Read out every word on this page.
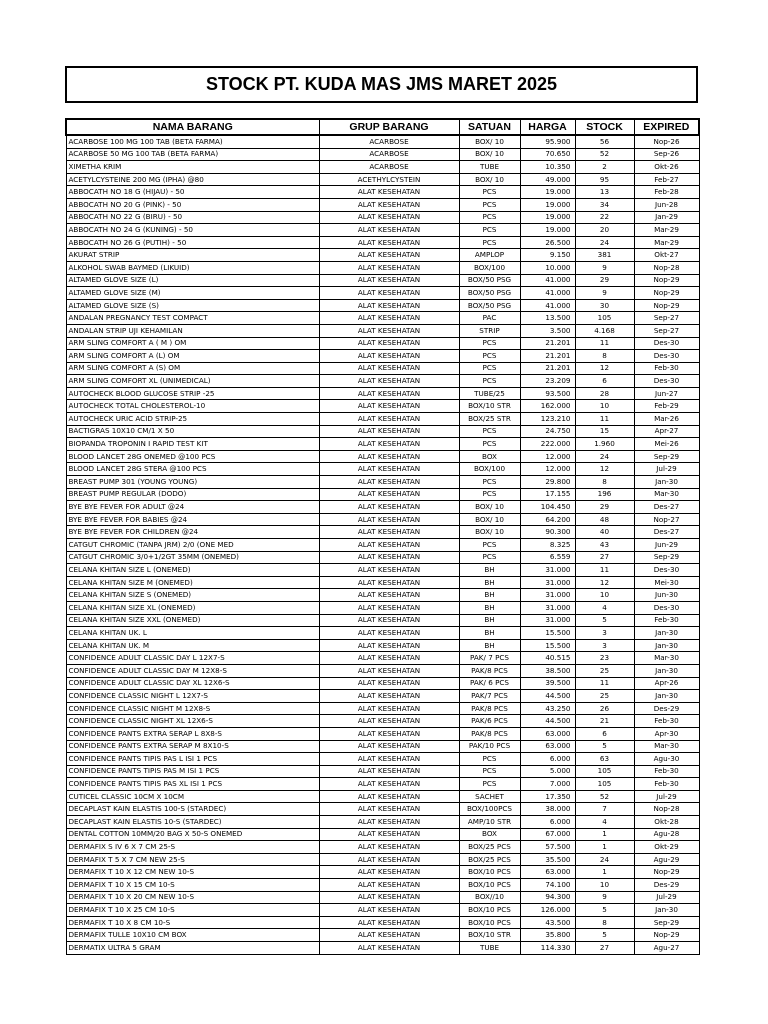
STOCK PT. KUDA MAS JMS MARET 2025
NAMA BARANG	GRUP BARANG	SATUAN	HARGA	STOCK	EXPIRED
ACARBOSE 100 MG 100 TAB (BETA FARMA)	ACARBOSE	BOX/ 10	95.900	56	Nop-26
ACARBOSE 50 MG 100 TAB (BETA FARMA)	ACARBOSE	BOX/ 10	70.650	52	Sep-26
XIMETHA KRIM	ACARBOSE	TUBE	10.350	2	Okt-26
ACETYLCYSTEINE 200 MG (IPHA) @80	ACETHYLCYSTEIN	BOX/ 10	49.000	95	Feb-27
ABBOCATH NO 18 G (HIJAU) - 50	ALAT KESEHATAN	PCS	19.000	13	Feb-28
ABBOCATH NO 20 G (PINK) - 50	ALAT KESEHATAN	PCS	19.000	34	Jun-28
ABBOCATH NO 22 G (BIRU) - 50	ALAT KESEHATAN	PCS	19.000	22	Jan-29
ABBOCATH NO 24 G (KUNING) - 50	ALAT KESEHATAN	PCS	19.000	20	Mar-29
ABBOCATH NO 26 G (PUTIH) - 50	ALAT KESEHATAN	PCS	26.500	24	Mar-29
AKURAT STRIP	ALAT KESEHATAN	AMPLOP	9.150	381	Okt-27
ALKOHOL SWAB BAYMED (LIKUID)	ALAT KESEHATAN	BOX/100	10.000	9	Nop-28
ALTAMED GLOVE SIZE (L)	ALAT KESEHATAN	BOX/50 PSG	41.000	29	Nop-29
ALTAMED GLOVE SIZE (M)	ALAT KESEHATAN	BOX/50 PSG	41.000	9	Nop-29
ALTAMED GLOVE SIZE (S)	ALAT KESEHATAN	BOX/50 PSG	41.000	30	Nop-29
ANDALAN PREGNANCY TEST COMPACT	ALAT KESEHATAN	PAC	13.500	105	Sep-27
ANDALAN STRIP UJI KEHAMILAN	ALAT KESEHATAN	STRIP	3.500	4.168	Sep-27
ARM SLING COMFORT A ( M ) OM	ALAT KESEHATAN	PCS	21.201	11	Des-30
ARM SLING COMFORT A (L) OM	ALAT KESEHATAN	PCS	21.201	8	Des-30
ARM SLING COMFORT A (S) OM	ALAT KESEHATAN	PCS	21.201	12	Feb-30
ARM SLING COMFORT XL (UNIMEDICAL)	ALAT KESEHATAN	PCS	23.209	6	Des-30
AUTOCHECK BLOOD GLUCOSE STRIP -25	ALAT KESEHATAN	TUBE/25	93.500	28	Jun-27
AUTOCHECK TOTAL CHOLESTEROL-10	ALAT KESEHATAN	BOX/10 STR	162.000	10	Feb-29
AUTOCHECK URIC ACID STRIP-25	ALAT KESEHATAN	BOX/25 STR	123.210	11	Mar-26
BACTIGRAS 10X10 CM/1 X 50	ALAT KESEHATAN	PCS	24.750	15	Apr-27
BIOPANDA TROPONIN I RAPID TEST KIT	ALAT KESEHATAN	PCS	222.000	1.960	Mei-26
BLOOD LANCET 28G ONEMED @100 PCS	ALAT KESEHATAN	BOX	12.000	24	Sep-29
BLOOD LANCET 28G STERA @100 PCS	ALAT KESEHATAN	BOX/100	12.000	12	Jul-29
BREAST PUMP 301 (YOUNG YOUNG)	ALAT KESEHATAN	PCS	29.800	8	Jan-30
BREAST PUMP REGULAR (DODO)	ALAT KESEHATAN	PCS	17.155	196	Mar-30
BYE BYE FEVER FOR ADULT @24	ALAT KESEHATAN	BOX/ 10	104.450	29	Des-27
BYE BYE FEVER FOR BABIES @24	ALAT KESEHATAN	BOX/ 10	64.200	48	Nop-27
BYE BYE FEVER FOR CHILDREN @24	ALAT KESEHATAN	BOX/ 10	90.300	40	Des-27
CATGUT CHROMIC (TANPA JRM) 2/0 (ONE MED	ALAT KESEHATAN	PCS	8.325	43	Jun-29
CATGUT CHROMIC 3/0+1/2GT 35MM (ONEMED)	ALAT KESEHATAN	PCS	6.559	27	Sep-29
CELANA KHITAN SIZE L (ONEMED)	ALAT KESEHATAN	BH	31.000	11	Des-30
CELANA KHITAN SIZE M (ONEMED)	ALAT KESEHATAN	BH	31.000	12	Mei-30
CELANA KHITAN SIZE S (ONEMED)	ALAT KESEHATAN	BH	31.000	10	Jun-30
CELANA KHITAN SIZE XL (ONEMED)	ALAT KESEHATAN	BH	31.000	4	Des-30
CELANA KHITAN SIZE XXL (ONEMED)	ALAT KESEHATAN	BH	31.000	5	Feb-30
CELANA KHITAN UK. L	ALAT KESEHATAN	BH	15.500	3	Jan-30
CELANA KHITAN UK. M	ALAT KESEHATAN	BH	15.500	3	Jan-30
CONFIDENCE ADULT CLASSIC DAY L 12X7-S	ALAT KESEHATAN	PAK/ 7 PCS	40.515	23	Mar-30
CONFIDENCE ADULT CLASSIC DAY M 12X8-S	ALAT KESEHATAN	PAK/8 PCS	38.500	25	Jan-30
CONFIDENCE ADULT CLASSIC DAY XL 12X6-S	ALAT KESEHATAN	PAK/ 6 PCS	39.500	11	Apr-26
CONFIDENCE CLASSIC NIGHT L 12X7-S	ALAT KESEHATAN	PAK/7 PCS	44.500	25	Jan-30
CONFIDENCE CLASSIC NIGHT M 12X8-S	ALAT KESEHATAN	PAK/8 PCS	43.250	26	Des-29
CONFIDENCE CLASSIC NIGHT XL 12X6-S	ALAT KESEHATAN	PAK/6 PCS	44.500	21	Feb-30
CONFIDENCE PANTS EXTRA SERAP L 8X8-S	ALAT KESEHATAN	PAK/8 PCS	63.000	6	Apr-30
CONFIDENCE PANTS EXTRA SERAP M 8X10-S	ALAT KESEHATAN	PAK/10 PCS	63.000	5	Mar-30
CONFIDENCE PANTS TIPIS PAS L ISI 1 PCS	ALAT KESEHATAN	PCS	6.000	63	Agu-30
CONFIDENCE PANTS TIPIS PAS M ISI 1 PCS	ALAT KESEHATAN	PCS	5.000	105	Feb-30
CONFIDENCE PANTS TIPIS PAS XL ISI 1 PCS	ALAT KESEHATAN	PCS	7.000	105	Feb-30
CUTICEL CLASSIC 10CM X 10CM	ALAT KESEHATAN	SACHET	17.350	52	Jul-29
DECAPLAST KAIN ELASTIS 100-S (STARDEC)	ALAT KESEHATAN	BOX/100PCS	38.000	7	Nop-28
DECAPLAST KAIN ELASTIS 10-S (STARDEC)	ALAT KESEHATAN	AMP/10 STR	6.000	4	Okt-28
DENTAL COTTON 10MM/20 BAG X 50-S ONEMED	ALAT KESEHATAN	BOX	67.000	1	Agu-28
DERMAFIX S IV 6 X 7 CM 25-S	ALAT KESEHATAN	BOX/25 PCS	57.500	1	Okt-29
DERMAFIX T 5 X 7 CM NEW 25-S	ALAT KESEHATAN	BOX/25 PCS	35.500	24	Agu-29
DERMAFIX T 10 X 12 CM NEW 10-S	ALAT KESEHATAN	BOX/10 PCS	63.000	1	Nop-29
DERMAFIX T 10 X 15 CM 10-S	ALAT KESEHATAN	BOX/10 PCS	74.100	10	Des-29
DERMAFIX T 10 X 20 CM NEW 10-S	ALAT KESEHATAN	BOX//10	94.300	9	Jul-29
DERMAFIX T 10 X 25 CM 10-S	ALAT KESEHATAN	BOX/10 PCS	126.000	5	Jan-30
DERMAFIX T 10 X 8 CM 10-S	ALAT KESEHATAN	BOX/10 PCS	43.500	8	Sep-29
DERMAFIX TULLE 10X10 CM BOX	ALAT KESEHATAN	BOX/10 STR	35.800	5	Nop-29
DERMATIX ULTRA 5 GRAM	ALAT KESEHATAN	TUBE	114.330	27	Agu-27
